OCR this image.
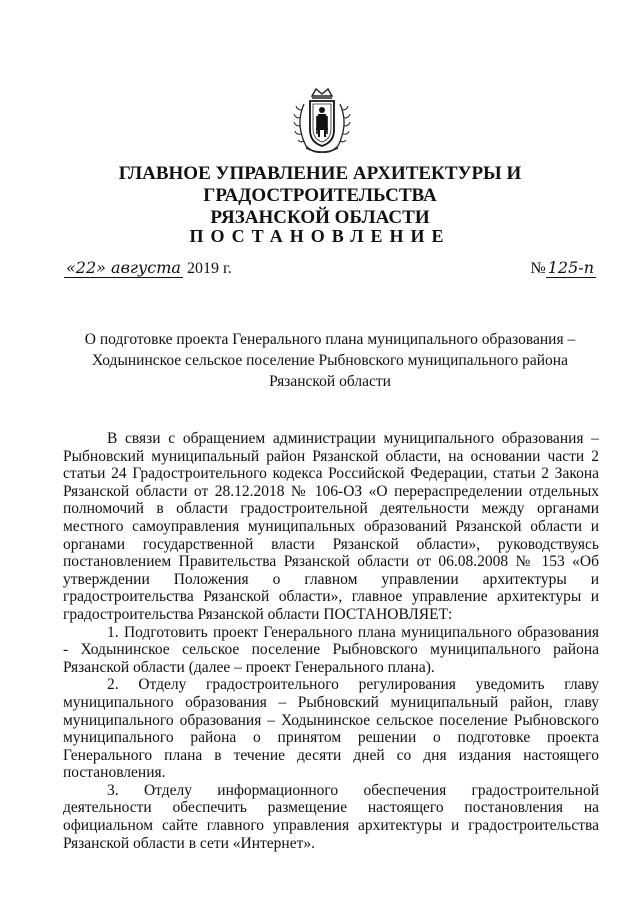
ГЛАВНОЕ УПРАВЛЕНИЕ АРХИТЕКТУРЫ И ГРАДОСТРОИТЕЛЬСТВА
РЯЗАНСКОЙ ОБЛАСТИ
ПОСТАНОВЛЕНИЕ
«22» августа 2019 г.	№ 125-п
О подготовке проекта Генерального плана муниципального образования –
Ходынинское сельское поселение Рыбновского муниципального района
Рязанской области

В связи с обращением администрации муниципального образования – Рыбновский муниципальный район Рязанской области, на основании части 2 статьи 24 Градостроительного кодекса Российской Федерации, статьи 2 Закона Рязанской области от 28.12.2018 № 106-ОЗ «О перераспределении отдельных полномочий в области градостроительной деятельности между органами местного самоуправления муниципальных образований Рязанской области и органами государственной власти Рязанской области», руководствуясь постановлением Правительства Рязанской области от 06.08.2008 № 153 «Об утверждении Положения о главном управлении архитектуры и градостроительства Рязанской области», главное управление архитектуры и градостроительства Рязанской области ПОСТАНОВЛЯЕТ:

1. Подготовить проект Генерального плана муниципального образования - Ходынинское сельское поселение Рыбновского муниципального района Рязанской области (далее – проект Генерального плана).

2. Отделу градостроительного регулирования уведомить главу муниципального образования – Рыбновский муниципальный район, главу муниципального образования – Ходынинское сельское поселение Рыбновского муниципального района о принятом решении о подготовке проекта Генерального плана в течение десяти дней со дня издания настоящего постановления.

3. Отделу информационного обеспечения градостроительной деятельности обеспечить размещение настоящего постановления на официальном сайте главного управления архитектуры и градостроительства Рязанской области в сети «Интернет».
